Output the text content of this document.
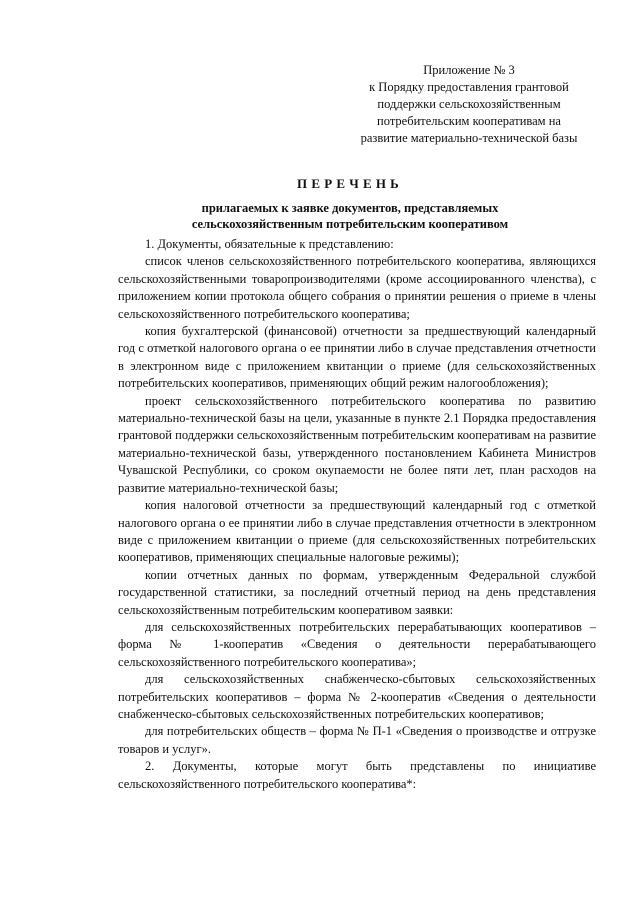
Приложение № 3
к Порядку предоставления грантовой
поддержки сельскохозяйственным
потребительским кооперативам на
развитие материально-технической базы
ПЕРЕЧЕНЬ
прилагаемых к заявке документов, представляемых
сельскохозяйственным потребительским кооперативом

1. Документы, обязательные к представлению:

список членов сельскохозяйственного потребительского кооператива, являющихся сельскохозяйственными товаропроизводителями (кроме ассоциированного членства), с приложением копии протокола общего собрания о принятии решения о приеме в члены сельскохозяйственного потребительского кооператива;

копия бухгалтерской (финансовой) отчетности за предшествующий календарный год с отметкой налогового органа о ее принятии либо в случае представления отчетности в электронном виде с приложением квитанции о приеме (для сельскохозяйственных потребительских кооперативов, применяющих общий режим налогообложения);

проект сельскохозяйственного потребительского кооператива по развитию материально-технической базы на цели, указанные в пункте 2.1 Порядка предоставления грантовой поддержки сельскохозяйственным потребительским кооперативам на развитие материально-технической базы, утвержденного постановлением Кабинета Министров Чувашской Республики, со сроком окупаемости не более пяти лет, план расходов на развитие материально-технической базы;

копия налоговой отчетности за предшествующий календарный год с отметкой налогового органа о ее принятии либо в случае представления отчетности в электронном виде с приложением квитанции о приеме (для сельскохозяйственных потребительских кооперативов, применяющих специальные налоговые режимы);

копии отчетных данных по формам, утвержденным Федеральной службой государственной статистики, за последний отчетный период на день представления сельскохозяйственным потребительским кооперативом заявки:

для сельскохозяйственных потребительских перерабатывающих кооперативов – форма № 1-кооператив «Сведения о деятельности перерабатывающего сельскохозяйственного потребительского кооператива»;

для сельскохозяйственных снабженческо-сбытовых сельскохозяйственных потребительских кооперативов – форма № 2-кооператив «Сведения о деятельности снабженческо-сбытовых сельскохозяйственных потребительских кооперативов;

для потребительских обществ – форма № П-1 «Сведения о производстве и отгрузке товаров и услуг».

2. Документы, которые могут быть представлены по инициативе сельскохозяйственного потребительского кооператива*:
